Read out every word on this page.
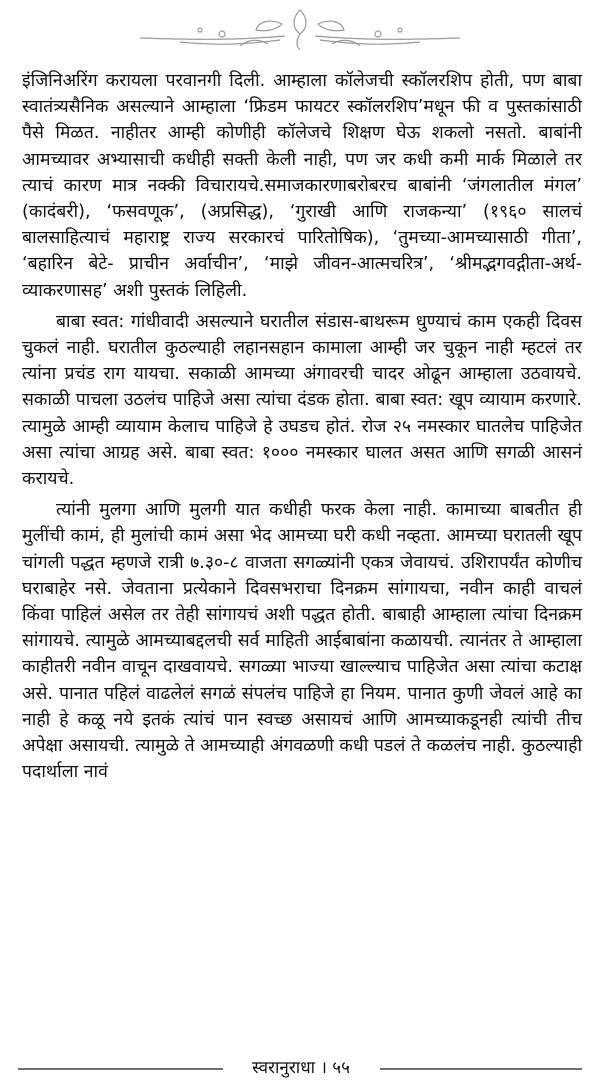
इंजिनिअरिंग करायला परवानगी दिली. आम्हाला कॉलेजची स्कॉलरशिप होती, पण बाबा स्वातंत्र्यसैनिक असल्याने आम्हाला ‘फ्रिडम फायटर स्कॉलरशिप’मधून फी व पुस्तकांसाठी पैसे मिळत. नाहीतर आम्ही कोणीही कॉलेजचे शिक्षण घेऊ शकलो नसतो. बाबांनी आमच्यावर अभ्यासाची कधीही सक्ती केली नाही, पण जर कधी कमी मार्क मिळाले तर त्याचं कारण मात्र नक्की विचारायचे.समाजकारणाबरोबरच बाबांनी ‘जंगलातील मंगल’ (कादंबरी), ‘फसवणूक’, (अप्रसिद्ध), ‘गुराखी आणि राजकन्या’ (१९६० सालचं बालसाहित्याचं महाराष्ट्र राज्य सरकारचं पारितोषिक), ‘तुमच्या-आमच्यासाठी गीता’, ‘बहारिन बेटे- प्राचीन अर्वाचीन’, ‘माझे जीवन-आत्मचरित्र’, ‘श्रीमद्भगवद्गीता-अर्थ-व्याकरणासह’ अशी पुस्तकं लिहिली.

बाबा स्वत: गांधीवादी असल्याने घरातील संडास-बाथरूम धुण्याचं काम एकही दिवस चुकलं नाही. घरातील कुठल्याही लहानसहान कामाला आम्ही जर चुकून नाही म्हटलं तर त्यांना प्रचंड राग यायचा. सकाळी आमच्या अंगावरची चादर ओढून आम्हाला उठवायचे. सकाळी पाचला उठलंच पाहिजे असा त्यांचा दंडक होता. बाबा स्वत: खूप व्यायाम करणारे. त्यामुळे आम्ही व्यायाम केलाच पाहिजे हे उघडच होतं. रोज २५ नमस्कार घातलेच पाहिजेत असा त्यांचा आग्रह असे. बाबा स्वत: १००० नमस्कार घालत असत आणि सगळी आसनं करायचे.

त्यांनी मुलगा आणि मुलगी यात कधीही फरक केला नाही. कामाच्या बाबतीत ही मुलींची कामं, ही मुलांची कामं असा भेद आमच्या घरी कधी नव्हता. आमच्या घरातली खूप चांगली पद्धत म्हणजे रात्री ७.३०-८ वाजता सगळ्यांनी एकत्र जेवायचं. उशिरापर्यंत कोणीच घराबाहेर नसे. जेवताना प्रत्येकाने दिवसभराचा दिनक्रम सांगायचा, नवीन काही वाचलं किंवा पाहिलं असेल तर तेही सांगायचं अशी पद्धत होती. बाबाही आम्हाला त्यांचा दिनक्रम सांगायचे. त्यामुळे आमच्याबद्दलची सर्व माहिती आईबाबांना कळायची. त्यानंतर ते आम्हाला काहीतरी नवीन वाचून दाखवायचे. सगळ्या भाज्या खाल्ल्याच पाहिजेत असा त्यांचा कटाक्ष असे. पानात पहिलं वाढलेलं सगळं संपलंच पाहिजे हा नियम. पानात कुणी जेवलं आहे का नाही हे कळू नये इतकं त्यांचं पान स्वच्छ असायचं आणि आमच्याकडूनही त्यांची तीच अपेक्षा असायची. त्यामुळे ते आमच्याही अंगवळणी कधी पडलं ते कळलंच नाही. कुठल्याही पदार्थाला नावं

स्वरानुराधा । ५५
